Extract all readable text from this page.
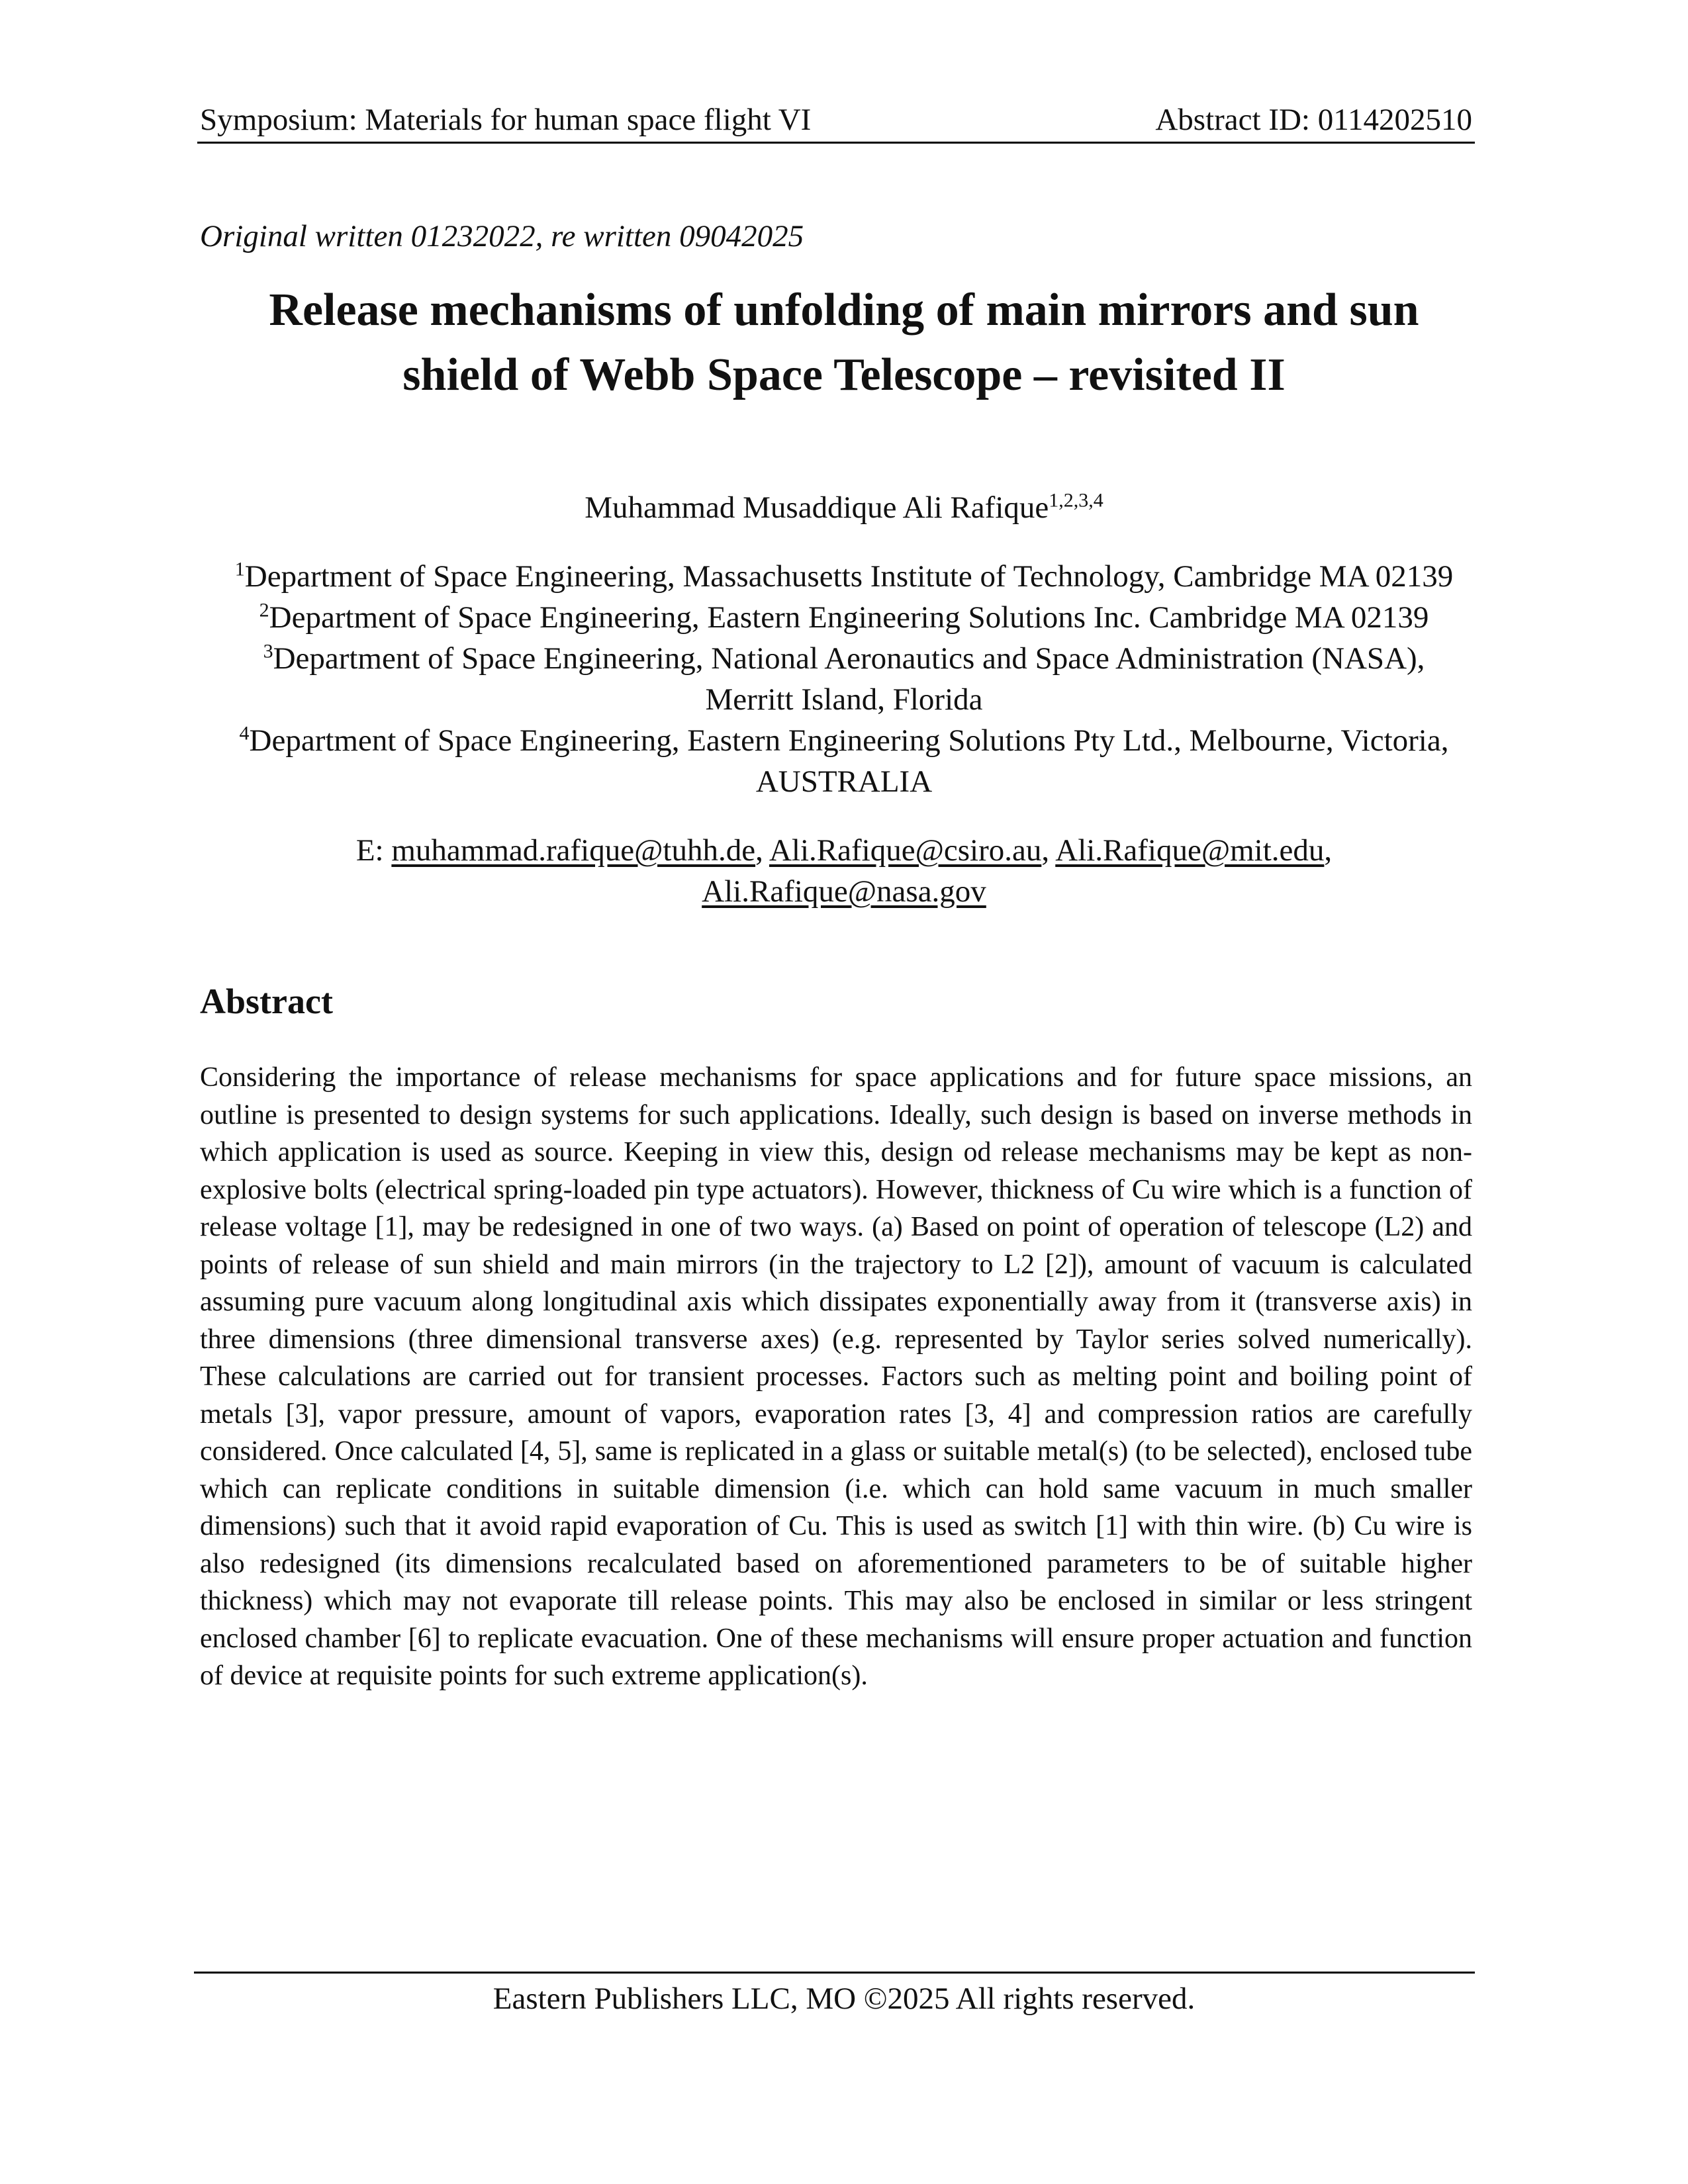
Symposium: Materials for human space flight VI	Abstract ID: 0114202510
Original written 01232022, re written 09042025
Release mechanisms of unfolding of main mirrors and sun
shield of Webb Space Telescope – revisited II
Muhammad Musaddique Ali Rafique$^{1,2,3,4}$
$^1$Department of Space Engineering, Massachusetts Institute of Technology, Cambridge MA 02139
$^2$Department of Space Engineering, Eastern Engineering Solutions Inc. Cambridge MA 02139
$^3$Department of Space Engineering, National Aeronautics and Space Administration (NASA),
Merritt Island, Florida
$^4$Department of Space Engineering, Eastern Engineering Solutions Pty Ltd., Melbourne, Victoria,
AUSTRALIA
E: muhammad.rafique@tuhh.de, Ali.Rafique@csiro.au, Ali.Rafique@mit.edu,
Ali.Rafique@nasa.gov
Abstract

Considering the importance of release mechanisms for space applications and for future space missions, an outline is presented to design systems for such applications. Ideally, such design is based on inverse methods in which application is used as source. Keeping in view this, design od release mechanisms may be kept as non-explosive bolts (electrical spring-loaded pin type actuators). However, thickness of Cu wire which is a function of release voltage [1], may be redesigned in one of two ways. (a) Based on point of operation of telescope (L2) and points of release of sun shield and main mirrors (in the trajectory to L2 [2]), amount of vacuum is calculated assuming pure vacuum along longitudinal axis which dissipates exponentially away from it (transverse axis) in three dimensions (three dimensional transverse axes) (e.g. represented by Taylor series solved numerically). These calculations are carried out for transient processes. Factors such as melting point and boiling point of metals [3], vapor pressure, amount of vapors, evaporation rates [3, 4] and compression ratios are carefully considered. Once calculated [4, 5], same is replicated in a glass or suitable metal(s) (to be selected), enclosed tube which can replicate conditions in suitable dimension (i.e. which can hold same vacuum in much smaller dimensions) such that it avoid rapid evaporation of Cu. This is used as switch [1] with thin wire. (b) Cu wire is also redesigned (its dimensions recalculated based on aforementioned parameters to be of suitable higher thickness) which may not evaporate till release points. This may also be enclosed in similar or less stringent enclosed chamber [6] to replicate evacuation. One of these mechanisms will ensure proper actuation and function of device at requisite points for such extreme application(s).

Eastern Publishers LLC, MO ©2025 All rights reserved.
